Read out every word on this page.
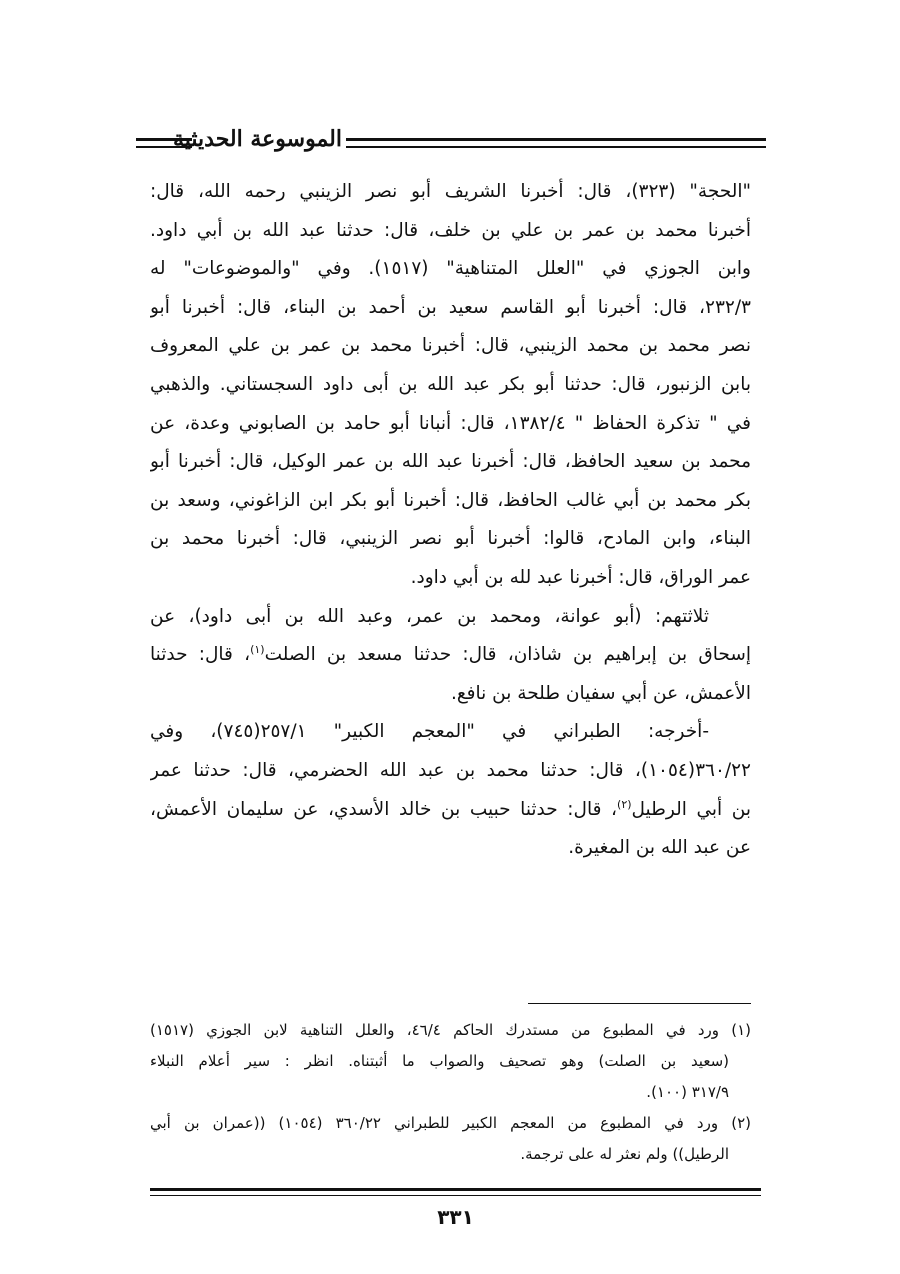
الموسوعة الحديثية
"الحجة" (٣٢٣)، قال: أخبرنا الشريف أبو نصر الزينبي رحمه الله، قال:
أخبرنا محمد بن عمر بن علي بن خلف، قال: حدثنا عبد الله بن أبي داود.
وابن الجوزي في "العلل المتناهية" (١٥١٧). وفي "والموضوعات" له
٢٣٢/٣، قال: أخبرنا أبو القاسم سعيد بن أحمد بن البناء، قال: أخبرنا أبو
نصر محمد بن محمد الزينبي، قال: أخبرنا محمد بن عمر بن علي المعروف
بابن الزنبور، قال: حدثنا أبو بكر عبد الله بن أبى داود السجستاني. والذهبي
في " تذكرة الحفاظ " ١٣٨٢/٤، قال: أنبانا أبو حامد بن الصابوني وعدة، عن
محمد بن سعيد الحافظ، قال: أخبرنا عبد الله بن عمر الوكيل، قال: أخبرنا أبو
بكر محمد بن أبي غالب الحافظ، قال: أخبرنا أبو بكر ابن الزاغوني، وسعد بن
البناء، وابن المادح، قالوا: أخبرنا أبو نصر الزينبي، قال: أخبرنا محمد بن
عمر الوراق، قال: أخبرنا عبد لله بن أبي داود.
ثلاثتهم: (أبو عوانة، ومحمد بن عمر، وعبد الله بن أبى داود)، عن
إسحاق بن إبراهيم بن شاذان، قال: حدثنا مسعد بن الصلت$^{(١)}$، قال: حدثنا
الأعمش، عن أبي سفيان طلحة بن نافع.
-أخرجه: الطبراني في "المعجم الكبير" ٢٥٧/١(٧٤٥)، وفي
٣٦٠/٢٢(١٠٥٤)، قال: حدثنا محمد بن عبد الله الحضرمي، قال: حدثنا عمر
بن أبي الرطيل$^{(٢)}$، قال: حدثنا حبيب بن خالد الأسدي، عن سليمان الأعمش،
عن عبد الله بن المغيرة.
(١) ورد في المطبوع من مستدرك الحاكم ٤٦/٤، والعلل التناهية لابن الجوزي (١٥١٧)
(سعيد بن الصلت) وهو تصحيف والصواب ما أثبتناه. انظر : سير أعلام النبلاء
٣١٧/٩ (١٠٠).
(٢) ورد في المطبوع من المعجم الكبير للطبراني ٣٦٠/٢٢ (١٠٥٤) ((عمران بن أبي
الرطيل)) ولم نعثر له على ترجمة.
٣٣١
